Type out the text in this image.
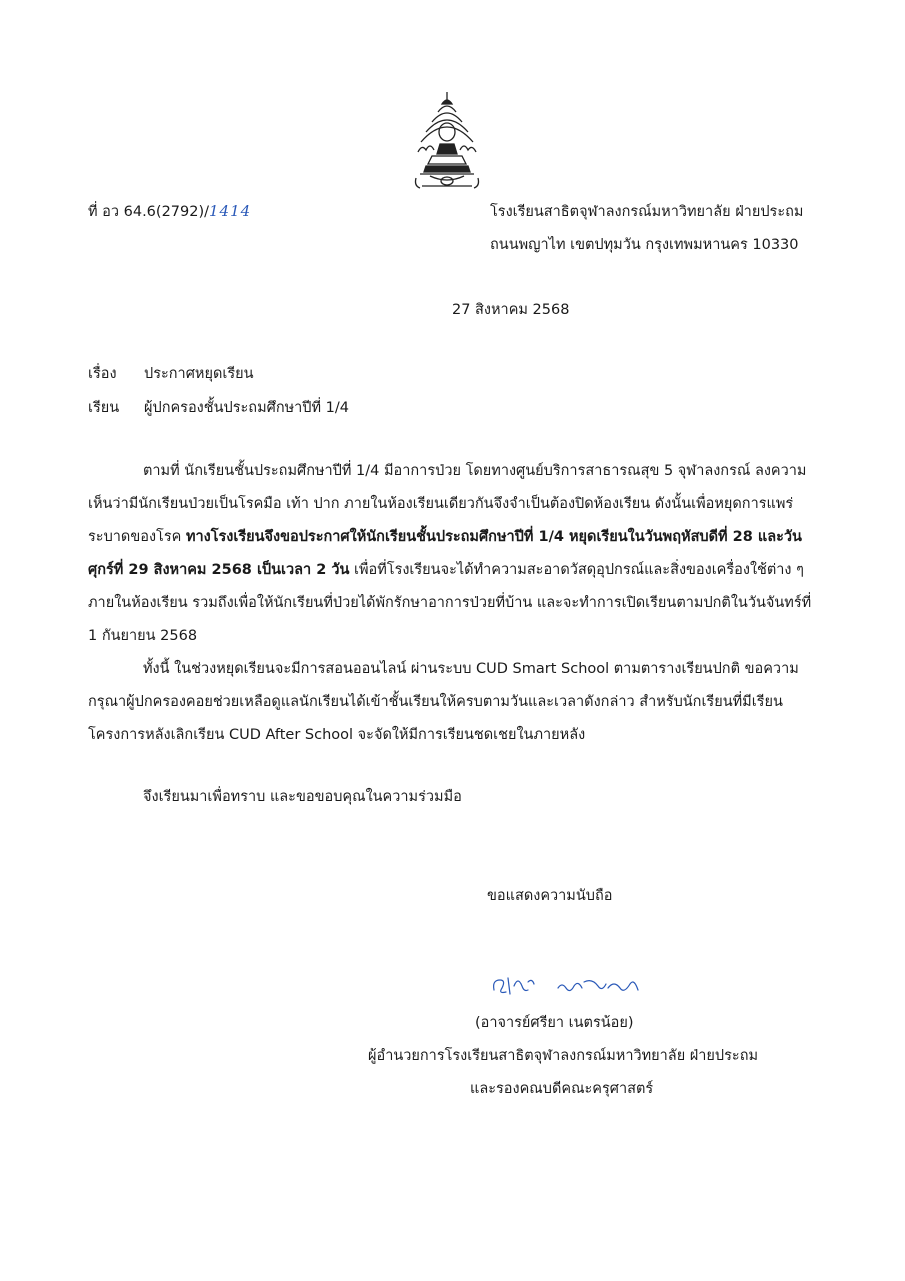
ที่ อว 64.6(2792)/1414	โรงเรียนสาธิตจุฬาลงกรณ์มหาวิทยาลัย ฝ่ายประถม
ถนนพญาไท เขตปทุมวัน กรุงเทพมหานคร 10330
27 สิงหาคม 2568
เรื่อง ประกาศหยุดเรียน
เรียน ผู้ปกครองชั้นประถมศึกษาปีที่ 1/4

ตามที่ นักเรียนชั้นประถมศึกษาปีที่ 1/4 มีอาการป่วย โดยทางศูนย์บริการสาธารณสุข 5 จุฬาลงกรณ์ ลงความเห็นว่ามีนักเรียนป่วยเป็นโรคมือ เท้า ปาก ภายในห้องเรียนเดียวกันจึงจำเป็นต้องปิดห้องเรียน ดังนั้นเพื่อหยุดการแพร่ระบาดของโรค ทางโรงเรียนจึงขอประกาศให้นักเรียนชั้นประถมศึกษาปีที่ 1/4 หยุดเรียนในวันพฤหัสบดีที่ 28 และวันศุกร์ที่ 29 สิงหาคม 2568 เป็นเวลา 2 วัน เพื่อที่โรงเรียนจะได้ทำความสะอาดวัสดุอุปกรณ์และสิ่งของเครื่องใช้ต่าง ๆ ภายในห้องเรียน รวมถึงเพื่อให้นักเรียนที่ป่วยได้พักรักษาอาการป่วยที่บ้าน และจะทำการเปิดเรียนตามปกติในวันจันทร์ที่ 1 กันยายน 2568

ทั้งนี้ ในช่วงหยุดเรียนจะมีการสอนออนไลน์ ผ่านระบบ CUD Smart School ตามตารางเรียนปกติ ขอความกรุณาผู้ปกครองคอยช่วยเหลือดูแลนักเรียนได้เข้าชั้นเรียนให้ครบตามวันและเวลาดังกล่าว สำหรับนักเรียนที่มีเรียนโครงการหลังเลิกเรียน CUD After School จะจัดให้มีการเรียนชดเชยในภายหลัง

จึงเรียนมาเพื่อทราบ และขอขอบคุณในความร่วมมือ
ขอแสดงความนับถือ
(อาจารย์ศรียา เนตรน้อย)
ผู้อำนวยการโรงเรียนสาธิตจุฬาลงกรณ์มหาวิทยาลัย ฝ่ายประถม
และรองคณบดีคณะครุศาสตร์
